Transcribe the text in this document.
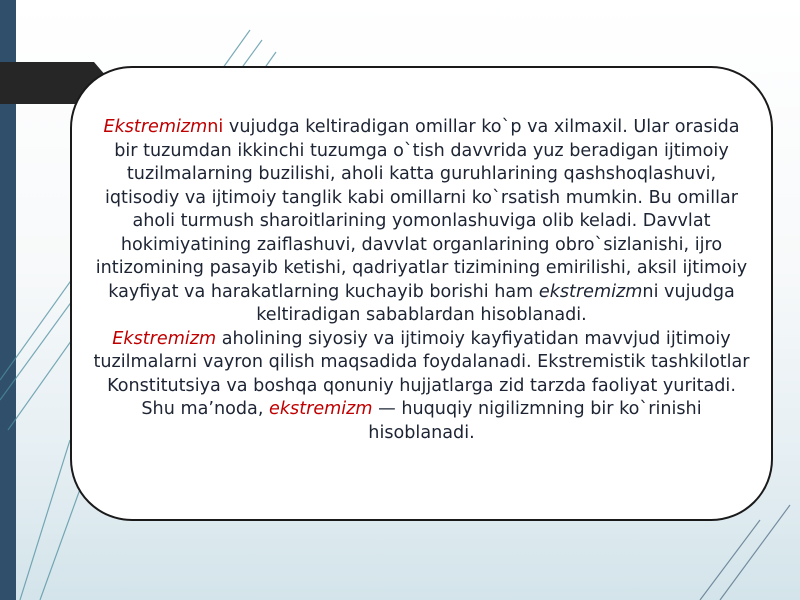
Ekstremizmni vujudga keltiradigan omillar ko`p va xilmaxil. Ular orasida bir tuzumdan ikkinchi tuzumga o`tish davvrida yuz beradigan ijtimoiy tuzilmalarning buzilishi, aholi katta guruhlarining qashshoqlashuvi, iqtisodiy va ijtimoiy tanglik kabi omillarni ko`rsatish mumkin. Bu omillar aholi turmush sharoitlarining yomonlashuviga olib keladi. Davvlat hokimiyatining zaiflashuvi, davvlat organlarining obro`sizlanishi, ijro intizomining pasayib ketishi, qadriyatlar tizimining emirilishi, aksil ijtimoiy kayfiyat va harakatlarning kuchayib borishi ham ekstremizmni vujudga keltiradigan sabablardan hisoblanadi.
Ekstremizm aholining siyosiy va ijtimoiy kayfiyatidan mavvjud ijtimoiy tuzilmalarni vayron qilish maqsadida foydalanadi. Ekstremistik tashkilotlar Konstitutsiya va boshqa qonuniy hujjatlarga zid tarzda faoliyat yuritadi. Shu ma’noda, ekstremizm — huquqiy nigilizmning bir ko`rinishi hisoblanadi.
